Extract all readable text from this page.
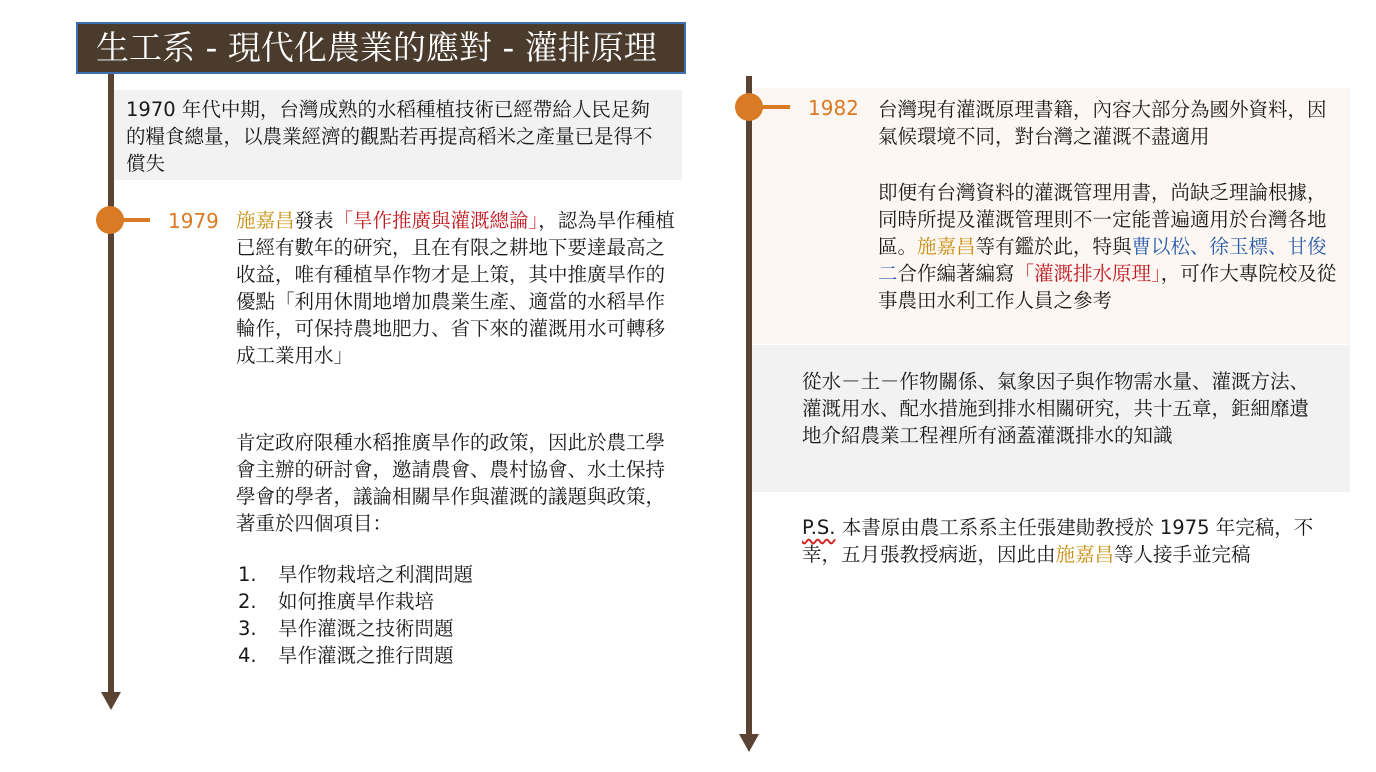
生工系 - 現代化農業的應對 - 灌排原理
1970 年代中期，台灣成熟的水稻種植技術已經帶給人民足夠的糧食總量，以農業經濟的觀點若再提高稻米之產量已是得不償失
1979 施嘉昌發表「旱作推廣與灌溉總論」，認為旱作種植已經有數年的研究，且在有限之耕地下要達最高之收益，唯有種植旱作物才是上策，其中推廣旱作的優點「利用休閒地增加農業生產、適當的水稻旱作輪作，可保持農地肥力、省下來的灌溉用水可轉移成工業用水」
肯定政府限種水稻推廣旱作的政策，因此於農工學會主辦的研討會，邀請農會、農村協會、水土保持學會的學者，議論相關旱作與灌溉的議題與政策，著重於四個項目：
1.	旱作物栽培之利潤問題
2.	如何推廣旱作栽培
3.	旱作灌溉之技術問題
4.	旱作灌溉之推行問題
1982 台灣現有灌溉原理書籍，內容大部分為國外資料，因氣候環境不同，對台灣之灌溉不盡適用
即便有台灣資料的灌溉管理用書，尚缺乏理論根據，同時所提及灌溉管理則不一定能普遍適用於台灣各地區。施嘉昌等有鑑於此，特與曹以松、徐玉標、甘俊二合作編著編寫「灌溉排水原理」，可作大專院校及從事農田水利工作人員之參考
從水－土－作物關係、氣象因子與作物需水量、灌溉方法、灌溉用水、配水措施到排水相關研究，共十五章，鉅細靡遺地介紹農業工程裡所有涵蓋灌溉排水的知識
P.S. 本書原由農工系系主任張建勛教授於 1975 年完稿，不幸，五月張教授病逝，因此由施嘉昌等人接手並完稿
